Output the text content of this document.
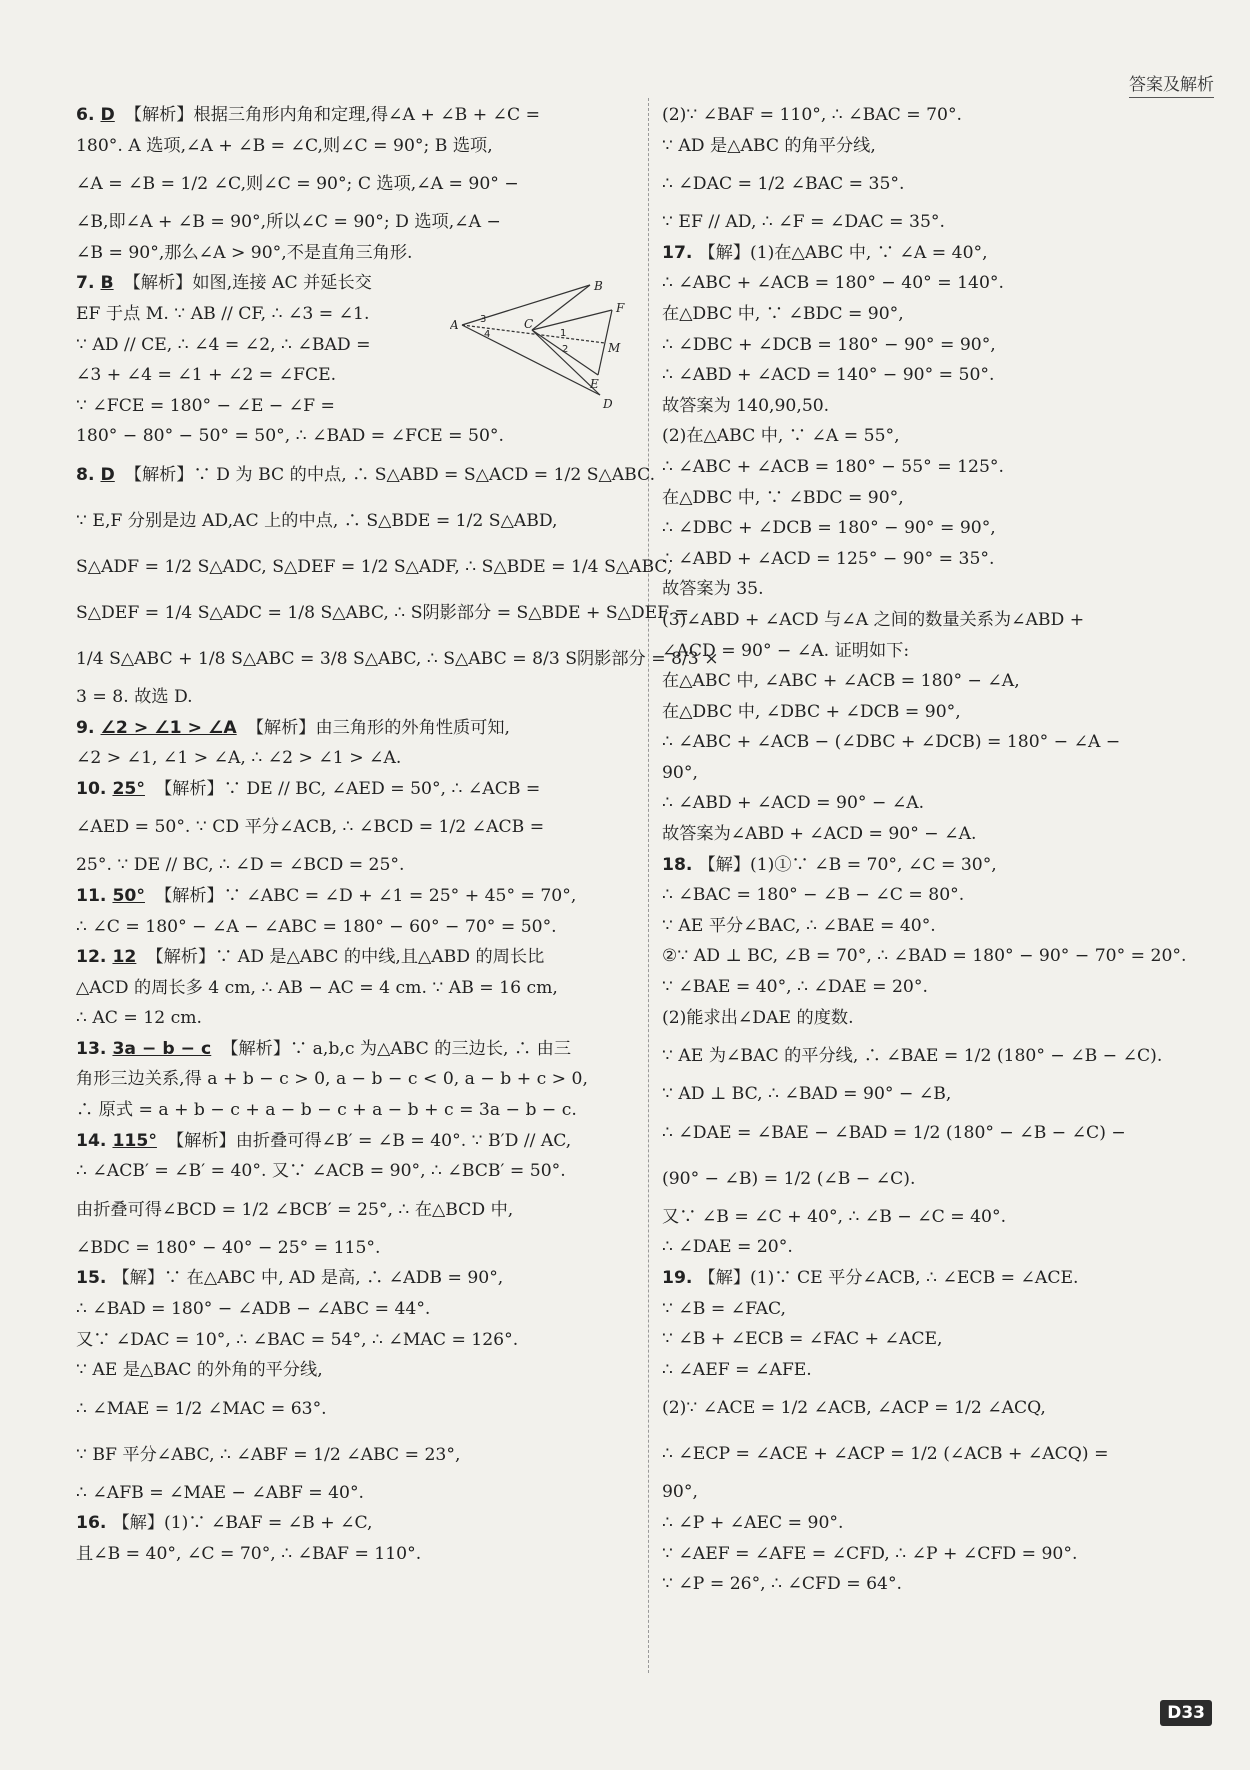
答案及解析

6. D 【解析】根据三角形内角和定理,得∠A + ∠B + ∠C =

180°. A 选项,∠A + ∠B = ∠C,则∠C = 90°; B 选项,

∠A = ∠B = 1/2 ∠C,则∠C = 90°; C 选项,∠A = 90° −

∠B,即∠A + ∠B = 90°,所以∠C = 90°; D 选项,∠A −

∠B = 90°,那么∠A > 90°,不是直角三角形.

7. B 【解析】如图,连接 AC 并延长交

EF 于点 M. ∵ AB // CF, ∴ ∠3 = ∠1.

∵ AD // CE, ∴ ∠4 = ∠2, ∴ ∠BAD =

∠3 + ∠4 = ∠1 + ∠2 = ∠FCE.

∵ ∠FCE = 180° − ∠E − ∠F =

180° − 80° − 50° = 50°, ∴ ∠BAD = ∠FCE = 50°.

8. D 【解析】∵ D 为 BC 的中点, ∴ S△ABD = S△ACD = 1/2 S△ABC.

∵ E,F 分别是边 AD,AC 上的中点, ∴ S△BDE = 1/2 S△ABD,

S△ADF = 1/2 S△ADC, S△DEF = 1/2 S△ADF, ∴ S△BDE = 1/4 S△ABC,

S△DEF = 1/4 S△ADC = 1/8 S△ABC, ∴ S阴影部分 = S△BDE + S△DEF =

1/4 S△ABC + 1/8 S△ABC = 3/8 S△ABC, ∴ S△ABC = 8/3 S阴影部分 = 8/3 ×

3 = 8. 故选 D.

9. ∠2 > ∠1 > ∠A 【解析】由三角形的外角性质可知,

∠2 > ∠1, ∠1 > ∠A, ∴ ∠2 > ∠1 > ∠A.

10. 25° 【解析】∵ DE // BC, ∠AED = 50°, ∴ ∠ACB =

∠AED = 50°. ∵ CD 平分∠ACB, ∴ ∠BCD = 1/2 ∠ACB =

25°. ∵ DE // BC, ∴ ∠D = ∠BCD = 25°.

11. 50° 【解析】∵ ∠ABC = ∠D + ∠1 = 25° + 45° = 70°,

∴ ∠C = 180° − ∠A − ∠ABC = 180° − 60° − 70° = 50°.

12. 12 【解析】∵ AD 是△ABC 的中线,且△ABD 的周长比

△ACD 的周长多 4 cm, ∴ AB − AC = 4 cm. ∵ AB = 16 cm,

∴ AC = 12 cm.

13. 3a − b − c 【解析】∵ a,b,c 为△ABC 的三边长, ∴ 由三

角形三边关系,得 a + b − c > 0, a − b − c < 0, a − b + c > 0,

∴ 原式 = a + b − c + a − b − c + a − b + c = 3a − b − c.

14. 115° 【解析】由折叠可得∠B′ = ∠B = 40°. ∵ B′D // AC,

∴ ∠ACB′ = ∠B′ = 40°. 又∵ ∠ACB = 90°, ∴ ∠BCB′ = 50°.

由折叠可得∠BCD = 1/2 ∠BCB′ = 25°, ∴ 在△BCD 中,

∠BDC = 180° − 40° − 25° = 115°.

15. 【解】∵ 在△ABC 中, AD 是高, ∴ ∠ADB = 90°,

∴ ∠BAD = 180° − ∠ADB − ∠ABC = 44°.

又∵ ∠DAC = 10°, ∴ ∠BAC = 54°, ∴ ∠MAC = 126°.

∵ AE 是△BAC 的外角的平分线,

∴ ∠MAE = 1/2 ∠MAC = 63°.

∵ BF 平分∠ABC, ∴ ∠ABF = 1/2 ∠ABC = 23°,

∴ ∠AFB = ∠MAE − ∠ABF = 40°.

16. 【解】(1)∵ ∠BAF = ∠B + ∠C,

且∠B = 40°, ∠C = 70°, ∴ ∠BAF = 110°.

A
B
C
D
E
F
M
3
4	1
2

(2)∵ ∠BAF = 110°, ∴ ∠BAC = 70°.

∵ AD 是△ABC 的角平分线,

∴ ∠DAC = 1/2 ∠BAC = 35°.

∵ EF // AD, ∴ ∠F = ∠DAC = 35°.

17. 【解】(1)在△ABC 中, ∵ ∠A = 40°,

∴ ∠ABC + ∠ACB = 180° − 40° = 140°.

在△DBC 中, ∵ ∠BDC = 90°,

∴ ∠DBC + ∠DCB = 180° − 90° = 90°,

∴ ∠ABD + ∠ACD = 140° − 90° = 50°.

故答案为 140,90,50.

(2)在△ABC 中, ∵ ∠A = 55°,

∴ ∠ABC + ∠ACB = 180° − 55° = 125°.

在△DBC 中, ∵ ∠BDC = 90°,

∴ ∠DBC + ∠DCB = 180° − 90° = 90°,

∴ ∠ABD + ∠ACD = 125° − 90° = 35°.

故答案为 35.

(3)∠ABD + ∠ACD 与∠A 之间的数量关系为∠ABD +

∠ACD = 90° − ∠A. 证明如下:

在△ABC 中, ∠ABC + ∠ACB = 180° − ∠A,

在△DBC 中, ∠DBC + ∠DCB = 90°,

∴ ∠ABC + ∠ACB − (∠DBC + ∠DCB) = 180° − ∠A −

90°,

∴ ∠ABD + ∠ACD = 90° − ∠A.

故答案为∠ABD + ∠ACD = 90° − ∠A.

18. 【解】(1)①∵ ∠B = 70°, ∠C = 30°,

∴ ∠BAC = 180° − ∠B − ∠C = 80°.

∵ AE 平分∠BAC, ∴ ∠BAE = 40°.

②∵ AD ⊥ BC, ∠B = 70°, ∴ ∠BAD = 180° − 90° − 70° = 20°.

∵ ∠BAE = 40°, ∴ ∠DAE = 20°.

(2)能求出∠DAE 的度数.

∵ AE 为∠BAC 的平分线, ∴ ∠BAE = 1/2 (180° − ∠B − ∠C).

∵ AD ⊥ BC, ∴ ∠BAD = 90° − ∠B,

∴ ∠DAE = ∠BAE − ∠BAD = 1/2 (180° − ∠B − ∠C) −

(90° − ∠B) = 1/2 (∠B − ∠C).

又∵ ∠B = ∠C + 40°, ∴ ∠B − ∠C = 40°.

∴ ∠DAE = 20°.

19. 【解】(1)∵ CE 平分∠ACB, ∴ ∠ECB = ∠ACE.

∵ ∠B = ∠FAC,

∵ ∠B + ∠ECB = ∠FAC + ∠ACE,

∴ ∠AEF = ∠AFE.

(2)∵ ∠ACE = 1/2 ∠ACB, ∠ACP = 1/2 ∠ACQ,

∴ ∠ECP = ∠ACE + ∠ACP = 1/2 (∠ACB + ∠ACQ) =

90°,

∴ ∠P + ∠AEC = 90°.

∵ ∠AEF = ∠AFE = ∠CFD, ∴ ∠P + ∠CFD = 90°.

∵ ∠P = 26°, ∴ ∠CFD = 64°.

D33
